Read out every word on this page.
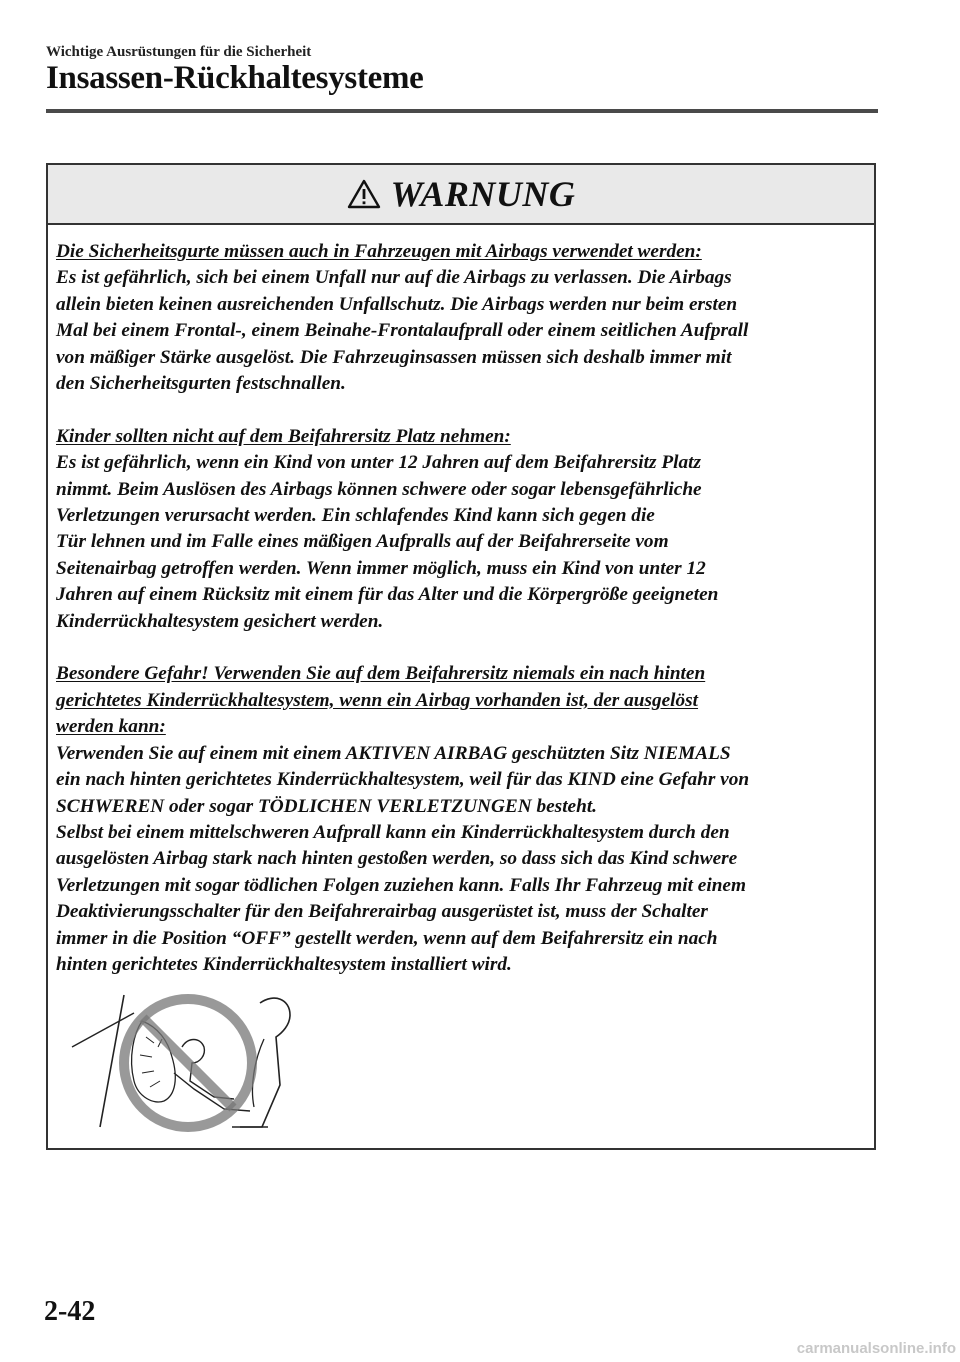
Wichtige Ausrüstungen für die Sicherheit
Insassen-Rückhaltesysteme
WARNUNG
Die Sicherheitsgurte müssen auch in Fahrzeugen mit Airbags verwendet werden:
Es ist gefährlich, sich bei einem Unfall nur auf die Airbags zu verlassen. Die Airbags
allein bieten keinen ausreichenden Unfallschutz. Die Airbags werden nur beim ersten
Mal bei einem Frontal-, einem Beinahe-Frontalaufprall oder einem seitlichen Aufprall
von mäßiger Stärke ausgelöst. Die Fahrzeuginsassen müssen sich deshalb immer mit
den Sicherheitsgurten festschnallen.
Kinder sollten nicht auf dem Beifahrersitz Platz nehmen:
Es ist gefährlich, wenn ein Kind von unter 12 Jahren auf dem Beifahrersitz Platz
nimmt. Beim Auslösen des Airbags können schwere oder sogar lebensgefährliche
Verletzungen verursacht werden. Ein schlafendes Kind kann sich gegen die
Tür lehnen und im Falle eines mäßigen Aufpralls auf der Beifahrerseite vom
Seitenairbag getroffen werden. Wenn immer möglich, muss ein Kind von unter 12
Jahren auf einem Rücksitz mit einem für das Alter und die Körpergröße geeigneten
Kinderrückhaltesystem gesichert werden.
Besondere Gefahr! Verwenden Sie auf dem Beifahrersitz niemals ein nach hinten
gerichtetes Kinderrückhaltesystem, wenn ein Airbag vorhanden ist, der ausgelöst
werden kann:
Verwenden Sie auf einem mit einem AKTIVEN AIRBAG geschützten Sitz NIEMALS
ein nach hinten gerichtetes Kinderrückhaltesystem, weil für das KIND eine Gefahr von
SCHWEREN oder sogar TÖDLICHEN VERLETZUNGEN besteht.
Selbst bei einem mittelschweren Aufprall kann ein Kinderrückhaltesystem durch den
ausgelösten Airbag stark nach hinten gestoßen werden, so dass sich das Kind schwere
Verletzungen mit sogar tödlichen Folgen zuziehen kann. Falls Ihr Fahrzeug mit einem
Deaktivierungsschalter für den Beifahrerairbag ausgerüstet ist, muss der Schalter
immer in die Position “OFF” gestellt werden, wenn auf dem Beifahrersitz ein nach
hinten gerichtetes Kinderrückhaltesystem installiert wird.
2-42
carmanualsonline.info
